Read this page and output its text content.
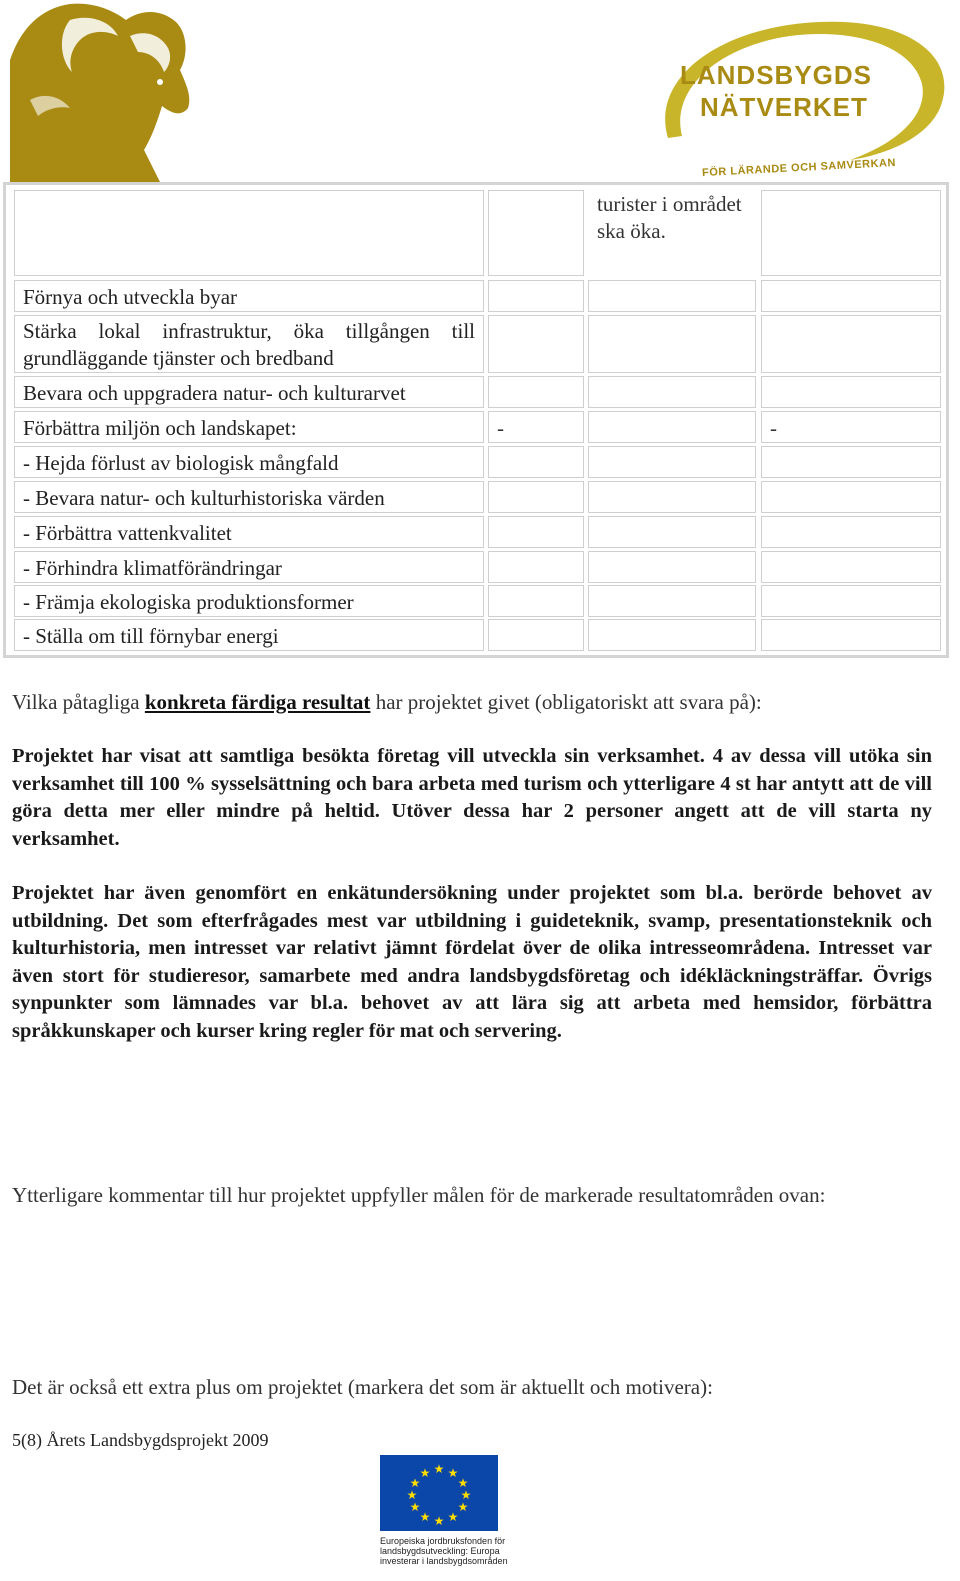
LANDSBYGDS
NÄTVERKET
FÖR LÄRANDE OCH SAMVERKAN
turister i området ska öka.
Förnya och utveckla byar
Stärka lokal infrastruktur, öka tillgången till grundläggande tjänster och bredband
Bevara och uppgradera natur- och kulturarvet
Förbättra miljön och landskapet:	-	-
- Hejda förlust av biologisk mångfald
- Bevara natur- och kulturhistoriska värden
- Förbättra vattenkvalitet
- Förhindra klimatförändringar
- Främja ekologiska produktionsformer
- Ställa om till förnybar energi
Vilka påtagliga konkreta färdiga resultat har projektet givet (obligatoriskt att svara på):

Projektet har visat att samtliga besökta företag vill utveckla sin verksamhet. 4 av dessa vill utöka sin verksamhet till 100 % sysselsättning och bara arbeta med turism och ytterligare 4 st har antytt att de vill göra detta mer eller mindre på heltid. Utöver dessa har 2 personer angett att de vill starta ny verksamhet.

Projektet har även genomfört en enkätundersökning under projektet som bl.a. berörde behovet av utbildning. Det som efterfrågades mest var utbildning i guideteknik, svamp, presentationsteknik och kulturhistoria, men intresset var relativt jämnt fördelat över de olika intresseområdena. Intresset var även stort för studieresor, samarbete med andra landsbygdsföretag och idékläckningsträffar. Övrigs synpunkter som lämnades var bl.a. behovet av att lära sig att arbeta med hemsidor, förbättra språkkunskaper och kurser kring regler för mat och servering.

Ytterligare kommentar till hur projektet uppfyller målen för de markerade resultatområden ovan:
Det är också ett extra plus om projektet (markera det som är aktuellt och motivera):
5(8) Årets Landsbygdsprojekt 2009
★ ★
★
★
★
★
★
★
★
★
★
★
Europeiska jordbruksfonden för
landsbygdsutveckling: Europa
investerar i landsbygdsområden
